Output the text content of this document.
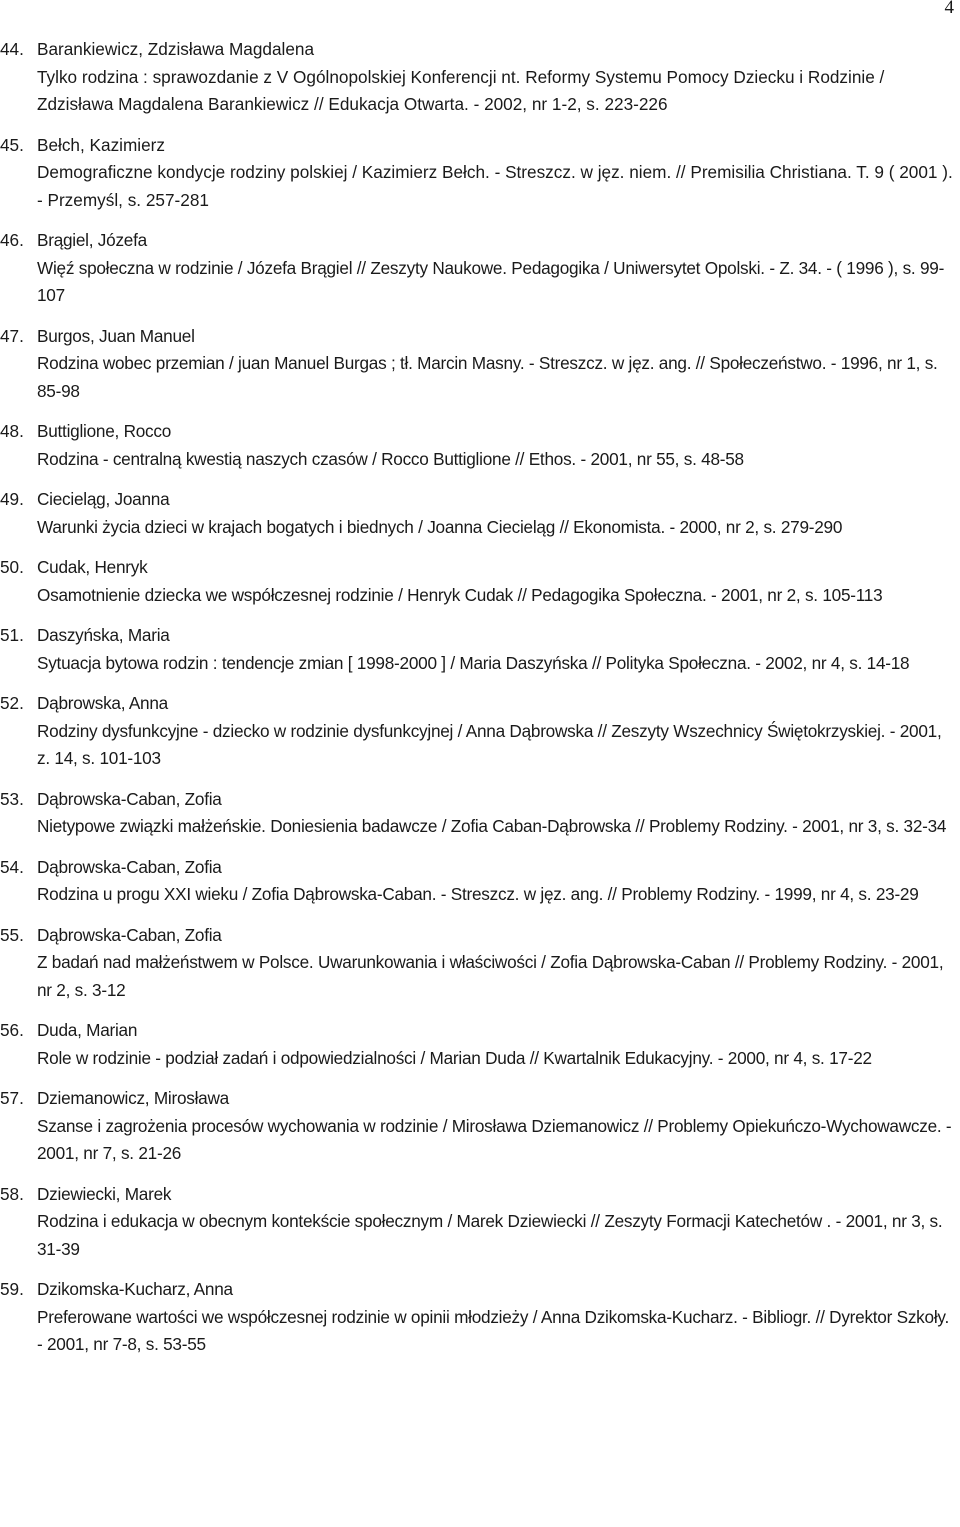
4
44. Barankiewicz, Zdzisława Magdalena
Tylko rodzina : sprawozdanie z V Ogólnopolskiej Konferencji nt. Reformy Systemu Pomocy Dziecku i Rodzinie / Zdzisława Magdalena Barankiewicz // Edukacja Otwarta. - 2002, nr 1-2, s. 223-226
45. Bełch, Kazimierz
Demograficzne kondycje rodziny polskiej / Kazimierz Bełch. - Streszcz. w jęz. niem. // Premisilia Christiana. T. 9 ( 2001 ). - Przemyśl, s. 257-281
46. Brągiel, Józefa
Więź społeczna w rodzinie / Józefa Brągiel // Zeszyty Naukowe. Pedagogika / Uniwersytet Opolski. - Z. 34. - ( 1996 ), s. 99-107
47. Burgos, Juan Manuel
Rodzina wobec przemian / juan Manuel Burgas ; tł. Marcin Masny. - Streszcz. w jęz. ang. // Społeczeństwo. - 1996, nr 1, s. 85-98
48. Buttiglione, Rocco
Rodzina - centralną kwestią naszych czasów / Rocco Buttiglione // Ethos. - 2001, nr 55, s. 48-58
49. Ciecieląg, Joanna
Warunki życia dzieci w krajach bogatych i biednych / Joanna Ciecieląg // Ekonomista. - 2000, nr 2, s. 279-290
50. Cudak, Henryk
Osamotnienie dziecka we współczesnej rodzinie / Henryk Cudak // Pedagogika Społeczna. - 2001, nr 2, s. 105-113
51. Daszyńska, Maria
Sytuacja bytowa rodzin : tendencje zmian [ 1998-2000 ] / Maria Daszyńska // Polityka Społeczna. - 2002, nr 4, s. 14-18
52. Dąbrowska, Anna
Rodziny dysfunkcyjne - dziecko w rodzinie dysfunkcyjnej / Anna Dąbrowska // Zeszyty Wszechnicy Świętokrzyskiej. - 2001, z. 14, s. 101-103
53. Dąbrowska-Caban, Zofia
Nietypowe związki małżeńskie. Doniesienia badawcze / Zofia Caban-Dąbrowska // Problemy Rodziny. - 2001, nr 3, s. 32-34
54. Dąbrowska-Caban, Zofia
Rodzina u progu XXI wieku / Zofia Dąbrowska-Caban. - Streszcz. w jęz. ang. // Problemy Rodziny. - 1999, nr 4, s. 23-29
55. Dąbrowska-Caban, Zofia
Z badań nad małżeństwem w Polsce. Uwarunkowania i właściwości / Zofia Dąbrowska-Caban // Problemy Rodziny. - 2001, nr 2, s. 3-12
56. Duda, Marian
Role w rodzinie - podział zadań i odpowiedzialności / Marian Duda // Kwartalnik Edukacyjny. - 2000, nr 4, s. 17-22
57. Dziemanowicz, Mirosława
Szanse i zagrożenia procesów wychowania w rodzinie / Mirosława Dziemanowicz // Problemy Opiekuńczo-Wychowawcze. - 2001, nr 7, s. 21-26
58. Dziewiecki, Marek
Rodzina i edukacja w obecnym kontekście społecznym / Marek Dziewiecki // Zeszyty Formacji Katechetów . - 2001, nr 3, s. 31-39
59. Dzikomska-Kucharz, Anna
Preferowane wartości we współczesnej rodzinie w opinii młodzieży / Anna Dzikomska-Kucharz. - Bibliogr. // Dyrektor Szkoły. - 2001, nr 7-8, s. 53-55
